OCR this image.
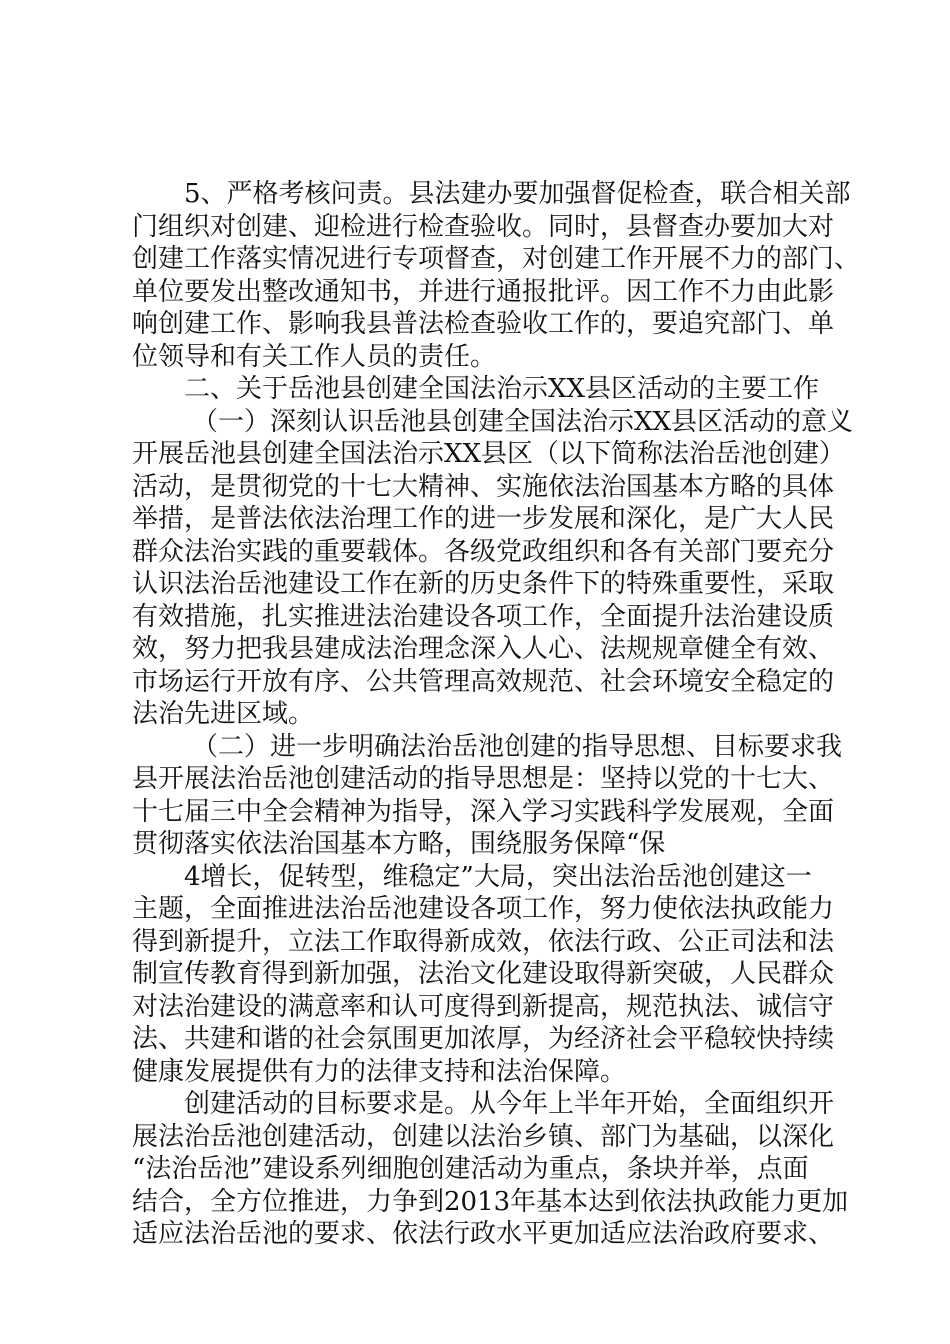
5、严格考核问责。县法建办要加强督促检查，联合相关部
门组织对创建、迎检进行检查验收。同时，县督查办要加大对
创建工作落实情况进行专项督查，对创建工作开展不力的部门、
单位要发出整改通知书，并进行通报批评。因工作不力由此影
响创建工作、影响我县普法检查验收工作的，要追究部门、单
位领导和有关工作人员的责任。
二、关于岳池县创建全国法治示XX县区活动的主要工作
（一）深刻认识岳池县创建全国法治示XX县区活动的意义
开展岳池县创建全国法治示XX县区（以下简称法治岳池创建）
活动，是贯彻党的十七大精神、实施依法治国基本方略的具体
举措，是普法依法治理工作的进一步发展和深化，是广大人民
群众法治实践的重要载体。各级党政组织和各有关部门要充分
认识法治岳池建设工作在新的历史条件下的特殊重要性，采取
有效措施，扎实推进法治建设各项工作，全面提升法治建设质
效，努力把我县建成法治理念深入人心、法规规章健全有效、
市场运行开放有序、公共管理高效规范、社会环境安全稳定的
法治先进区域。
（二）进一步明确法治岳池创建的指导思想、目标要求我
县开展法治岳池创建活动的指导思想是：坚持以党的十七大、
十七届三中全会精神为指导，深入学习实践科学发展观，全面
贯彻落实依法治国基本方略，围绕服务保障“保
4增长，促转型，维稳定”大局，突出法治岳池创建这一
主题，全面推进法治岳池建设各项工作，努力使依法执政能力
得到新提升，立法工作取得新成效，依法行政、公正司法和法
制宣传教育得到新加强，法治文化建设取得新突破，人民群众
对法治建设的满意率和认可度得到新提高，规范执法、诚信守
法、共建和谐的社会氛围更加浓厚，为经济社会平稳较快持续
健康发展提供有力的法律支持和法治保障。
创建活动的目标要求是。从今年上半年开始，全面组织开
展法治岳池创建活动，创建以法治乡镇、部门为基础，以深化
“法治岳池”建设系列细胞创建活动为重点，条块并举，点面
结合，全方位推进，力争到2013年基本达到依法执政能力更加
适应法治岳池的要求、依法行政水平更加适应法治政府要求、
